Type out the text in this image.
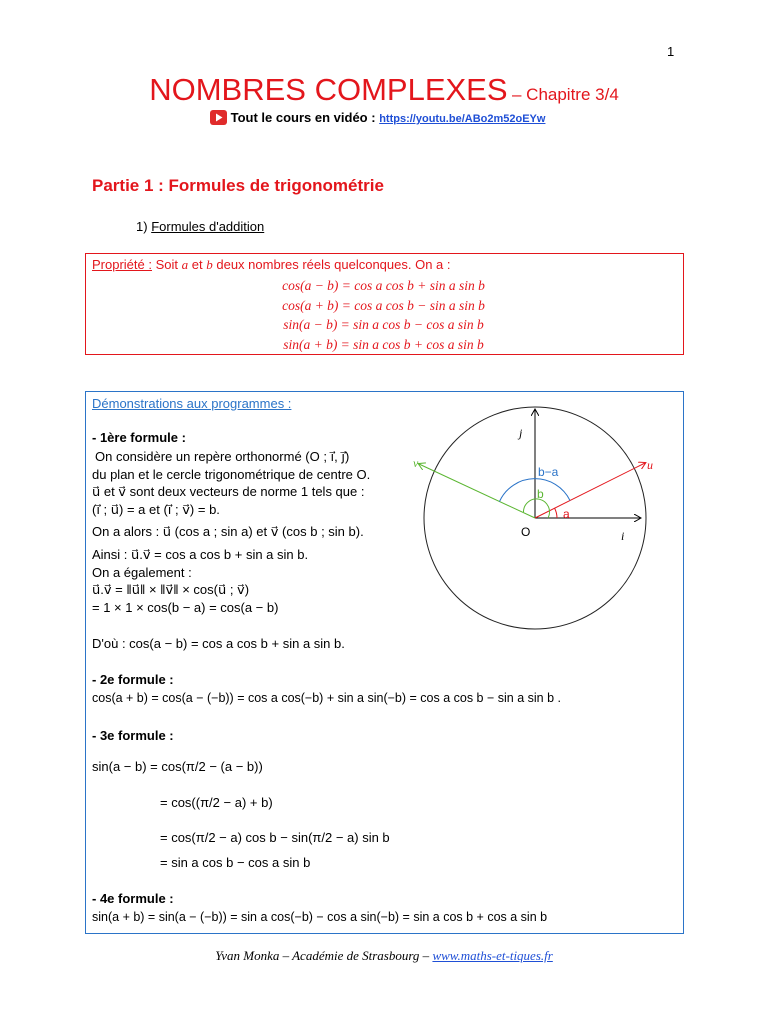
1
NOMBRES COMPLEXES – Chapitre 3/4
Tout le cours en vidéo : https://youtu.be/ABo2m52oEYw
Partie 1 : Formules de trigonométrie
1) Formules d'addition
Propriété : Soit a et b deux nombres réels quelconques. On a :
cos(a − b) = cos a cos b + sin a sin b
cos(a + b) = cos a cos b − sin a sin b
sin(a − b) = sin a cos b − cos a sin b
sin(a + b) = sin a cos b + cos a sin b
Démonstrations aux programmes :
- 1ère formule :
On considère un repère orthonormé (O ; i⃗, j⃗)
du plan et le cercle trigonométrique de centre O.
u⃗ et v⃗ sont deux vecteurs de norme 1 tels que :
(i⃗ ; u⃗) = a et (i⃗ ; v⃗) = b.
On a alors : u⃗ (cos a ; sin a) et v⃗ (cos b ; sin b).
Ainsi : u⃗.v⃗ = cos a cos b + sin a sin b.
On a également :
u⃗.v⃗ = ‖u⃗‖ × ‖v⃗‖ × cos(u⃗ ; v⃗)
= 1 × 1 × cos(b − a) = cos(a − b)
D'où : cos(a − b) = cos a cos b + sin a sin b.
- 2e formule :
cos(a + b) = cos(a − (−b)) = cos a cos(−b) + sin a sin(−b) = cos a cos b − sin a sin b .
- 3e formule :
sin(a − b) = cos(π/2 − (a − b))
= cos((π/2 − a) + b)
= cos(π/2 − a) cos b − sin(π/2 − a) sin b
= sin a cos b − cos a sin b
- 4e formule :
sin(a + b) = sin(a − (−b)) = sin a cos(−b) − cos a sin(−b) = sin a cos b + cos a sin b
O	i⃗
j⃗
u⃗
v⃗
a
b
b−a
Yvan Monka – Académie de Strasbourg – www.maths-et-tiques.fr
